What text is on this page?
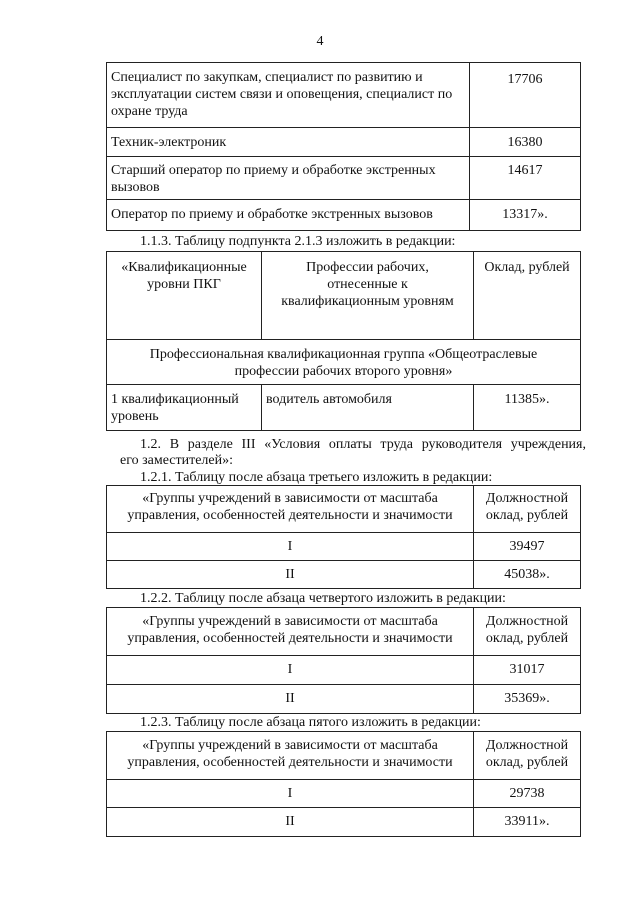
4
Специалист по закупкам, специалист по развитию и эксплуатации систем связи и оповещения, специалист по охране труда	17706
Техник-электроник	16380
Старший оператор по приему и обработке экстренных вызовов	14617
Оператор по приему и обработке экстренных вызовов	13317».
1.1.3. Таблицу подпункта 2.1.3 изложить в редакции:
«Квалификационные уровни ПКГ	Профессии рабочих, отнесенные к квалификационным уровням	Оклад, рублей
Профессиональная квалификационная группа «Общеотраслевые профессии рабочих второго уровня»		
1 квалификационный уровень	водитель автомобиля	11385».
1.2. В разделе III «Условия оплаты труда руководителя учреждения,
его заместителей»:
1.2.1. Таблицу после абзаца третьего изложить в редакции:
«Группы учреждений в зависимости от масштаба управления, особенностей деятельности и значимости	Должностной оклад, рублей
I	39497
II	45038».
1.2.2. Таблицу после абзаца четвертого изложить в редакции:
«Группы учреждений в зависимости от масштаба управления, особенностей деятельности и значимости	Должностной оклад, рублей
I	31017
II	35369».
1.2.3. Таблицу после абзаца пятого изложить в редакции:
«Группы учреждений в зависимости от масштаба управления, особенностей деятельности и значимости	Должностной оклад, рублей
I	29738
II	33911».
